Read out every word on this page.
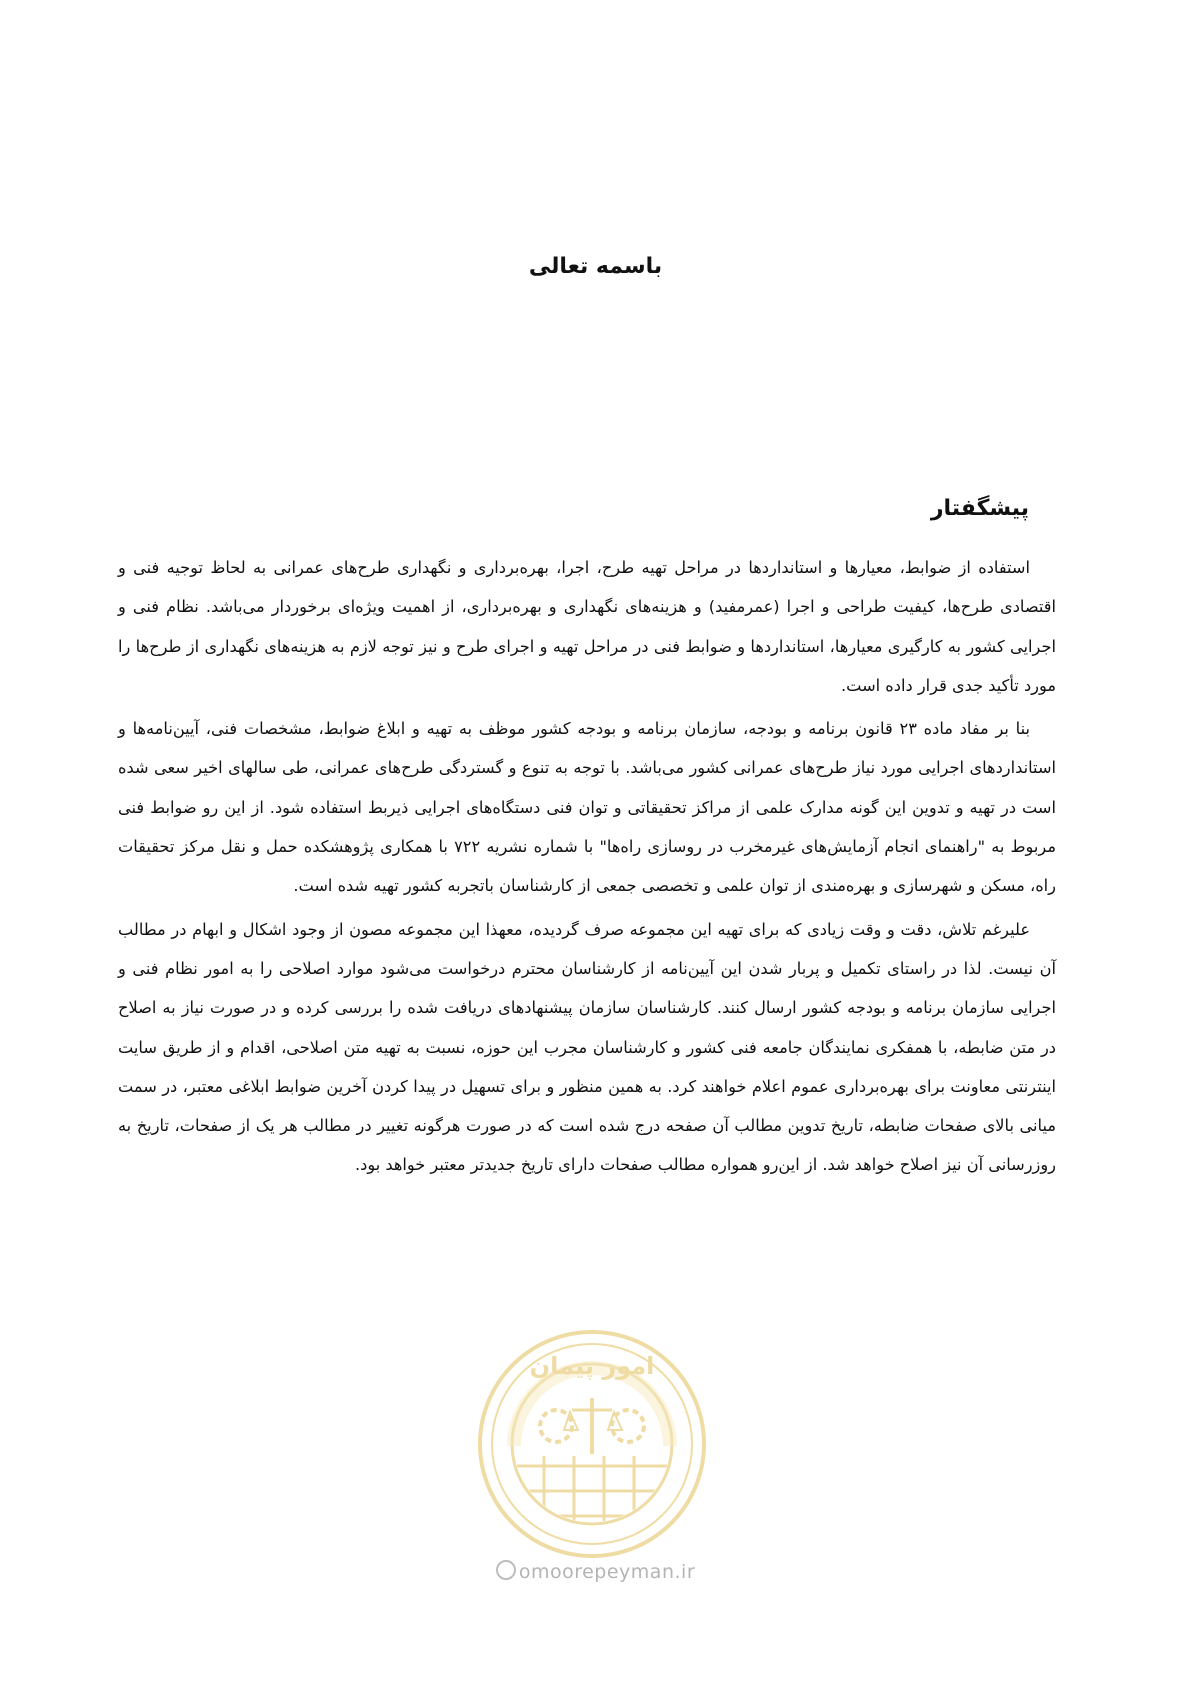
باسمه تعالی
پیشگفتار

استفاده از ضوابط، معیارها و استانداردها در مراحل تهیه طرح، اجرا، بهره‌برداری و نگهداری طرح‌های عمرانی به لحاظ توجیه فنی و اقتصادی طرح‌ها، کیفیت طراحی و اجرا (عمرمفید) و هزینه‌های نگهداری و بهره‌برداری، از اهمیت ویژه‌ای برخوردار می‌باشد. نظام فنی و اجرایی کشور به کارگیری معیارها، استانداردها و ضوابط فنی در مراحل تهیه و اجرای طرح و نیز توجه لازم به هزینه‌های نگهداری از طرح‌ها را مورد تأکید جدی قرار داده است.

بنا بر مفاد ماده ۲۳ قانون برنامه و بودجه، سازمان برنامه و بودجه کشور موظف به تهیه و ابلاغ ضوابط، مشخصات فنی، آیین‌نامه‌ها و استانداردهای اجرایی مورد نیاز طرح‌های عمرانی کشور می‌باشد. با توجه به تنوع و گستردگی طرح‌های عمرانی، طی سالهای اخیر سعی شده است در تهیه و تدوین این گونه مدارک علمی از مراکز تحقیقاتی و توان فنی دستگاه‌های اجرایی ذیربط استفاده شود. از این رو ضوابط فنی مربوط به "راهنمای انجام آزمایش‌های غیرمخرب در روسازی راه‌ها" با شماره نشریه ۷۲۲ با همکاری پژوهشکده حمل و نقل مرکز تحقیقات راه، مسکن و شهرسازی و بهره‌مندی از توان علمی و تخصصی جمعی از کارشناسان باتجربه کشور تهیه شده است.

علیرغم تلاش، دقت و وقت زیادی که برای تهیه این مجموعه صرف گردیده، معهذا این مجموعه مصون از وجود اشکال و ابهام در مطالب آن نیست. لذا در راستای تکمیل و پربار شدن این آیین‌نامه از کارشناسان محترم درخواست می‌شود موارد اصلاحی را به امور نظام فنی و اجرایی سازمان برنامه و بودجه کشور ارسال کنند. کارشناسان سازمان پیشنهادهای دریافت شده را بررسی کرده و در صورت نیاز به اصلاح در متن ضابطه، با همفکری نمایندگان جامعه فنی کشور و کارشناسان مجرب این حوزه، نسبت به تهیه متن اصلاحی، اقدام و از طریق سایت اینترنتی معاونت برای بهره‌برداری عموم اعلام خواهند کرد. به همین منظور و برای تسهیل در پیدا کردن آخرین ضوابط ابلاغی معتبر، در سمت میانی بالای صفحات ضابطه، تاریخ تدوین مطالب آن صفحه درج شده است که در صورت هرگونه تغییر در مطالب هر یک از صفحات، تاریخ به روزرسانی آن نیز اصلاح خواهد شد. از این‌رو همواره مطالب صفحات دارای تاریخ جدیدتر معتبر خواهد بود.

امور پیمان
omoorepeyman.ir
